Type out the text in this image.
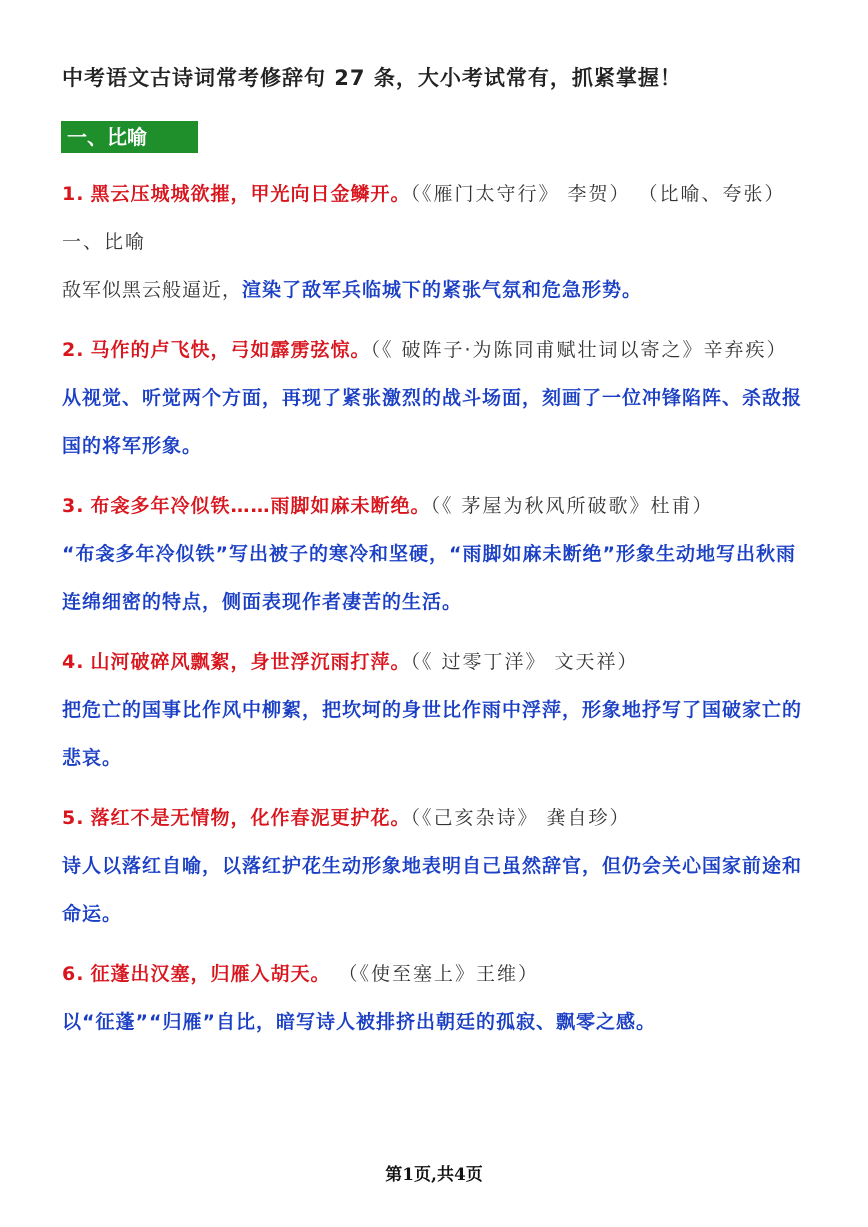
中考语文古诗词常考修辞句 27 条，大小考试常有，抓紧掌握！
一、比喻

1. 黑云压城城欲摧，甲光向日金鳞开。（《雁门太守行》 李贺） （比喻、夸张）一、比喻

敌军似黑云般逼近，渲染了敌军兵临城下的紧张气氛和危急形势。

2. 马作的卢飞快，弓如霹雳弦惊。（《 破阵子·为陈同甫赋壮词以寄之》辛弃疾）

从视觉、听觉两个方面，再现了紧张激烈的战斗场面，刻画了一位冲锋陷阵、杀敌报国的将军形象。

3. 布衾多年冷似铁……雨脚如麻未断绝。（《 茅屋为秋风所破歌》杜甫）

“布衾多年冷似铁”写出被子的寒冷和坚硬，“雨脚如麻未断绝”形象生动地写出秋雨连绵细密的特点，侧面表现作者凄苦的生活。

4. 山河破碎风飘絮，身世浮沉雨打萍。（《 过零丁洋》 文天祥）

把危亡的国事比作风中柳絮，把坎坷的身世比作雨中浮萍，形象地抒写了国破家亡的悲哀。

5. 落红不是无情物，化作春泥更护花。（《己亥杂诗》 龚自珍）

诗人以落红自喻，以落红护花生动形象地表明自己虽然辞官，但仍会关心国家前途和命运。

6. 征蓬出汉塞，归雁入胡天。 （《使至塞上》王维）

以“征蓬”“归雁”自比，暗写诗人被排挤出朝廷的孤寂、飘零之感。

第1页,共4页
